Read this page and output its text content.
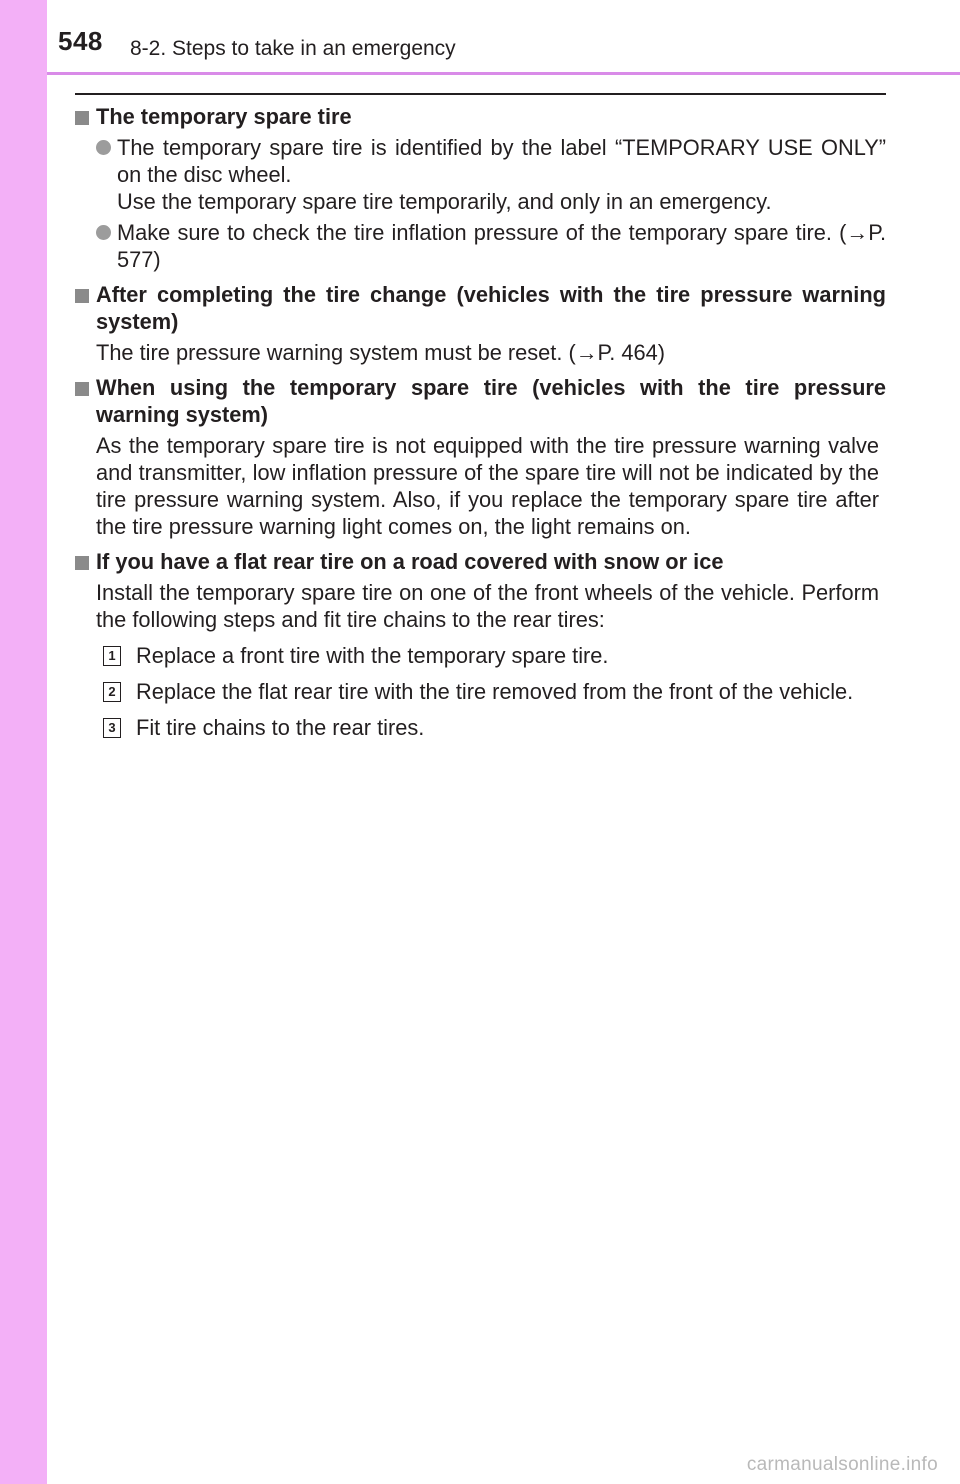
548 8-2. Steps to take in an emergency
The temporary spare tire
The temporary spare tire is identified by the label “TEMPORARY USE ONLY” on the disc wheel.
Use the temporary spare tire temporarily, and only in an emergency.
Make sure to check the tire inflation pressure of the temporary spare tire. (→P. 577)
After completing the tire change (vehicles with the tire pressure warning system)
The tire pressure warning system must be reset. (→P. 464)
When using the temporary spare tire (vehicles with the tire pressure warning system)
As the temporary spare tire is not equipped with the tire pressure warning valve and transmitter, low inflation pressure of the spare tire will not be indicated by the tire pressure warning system. Also, if you replace the temporary spare tire after the tire pressure warning light comes on, the light remains on.
If you have a flat rear tire on a road covered with snow or ice
Install the temporary spare tire on one of the front wheels of the vehicle. Perform the following steps and fit tire chains to the rear tires:
1 Replace a front tire with the temporary spare tire.
2 Replace the flat rear tire with the tire removed from the front of the vehicle.
3 Fit tire chains to the rear tires.
carmanualsonline.info
